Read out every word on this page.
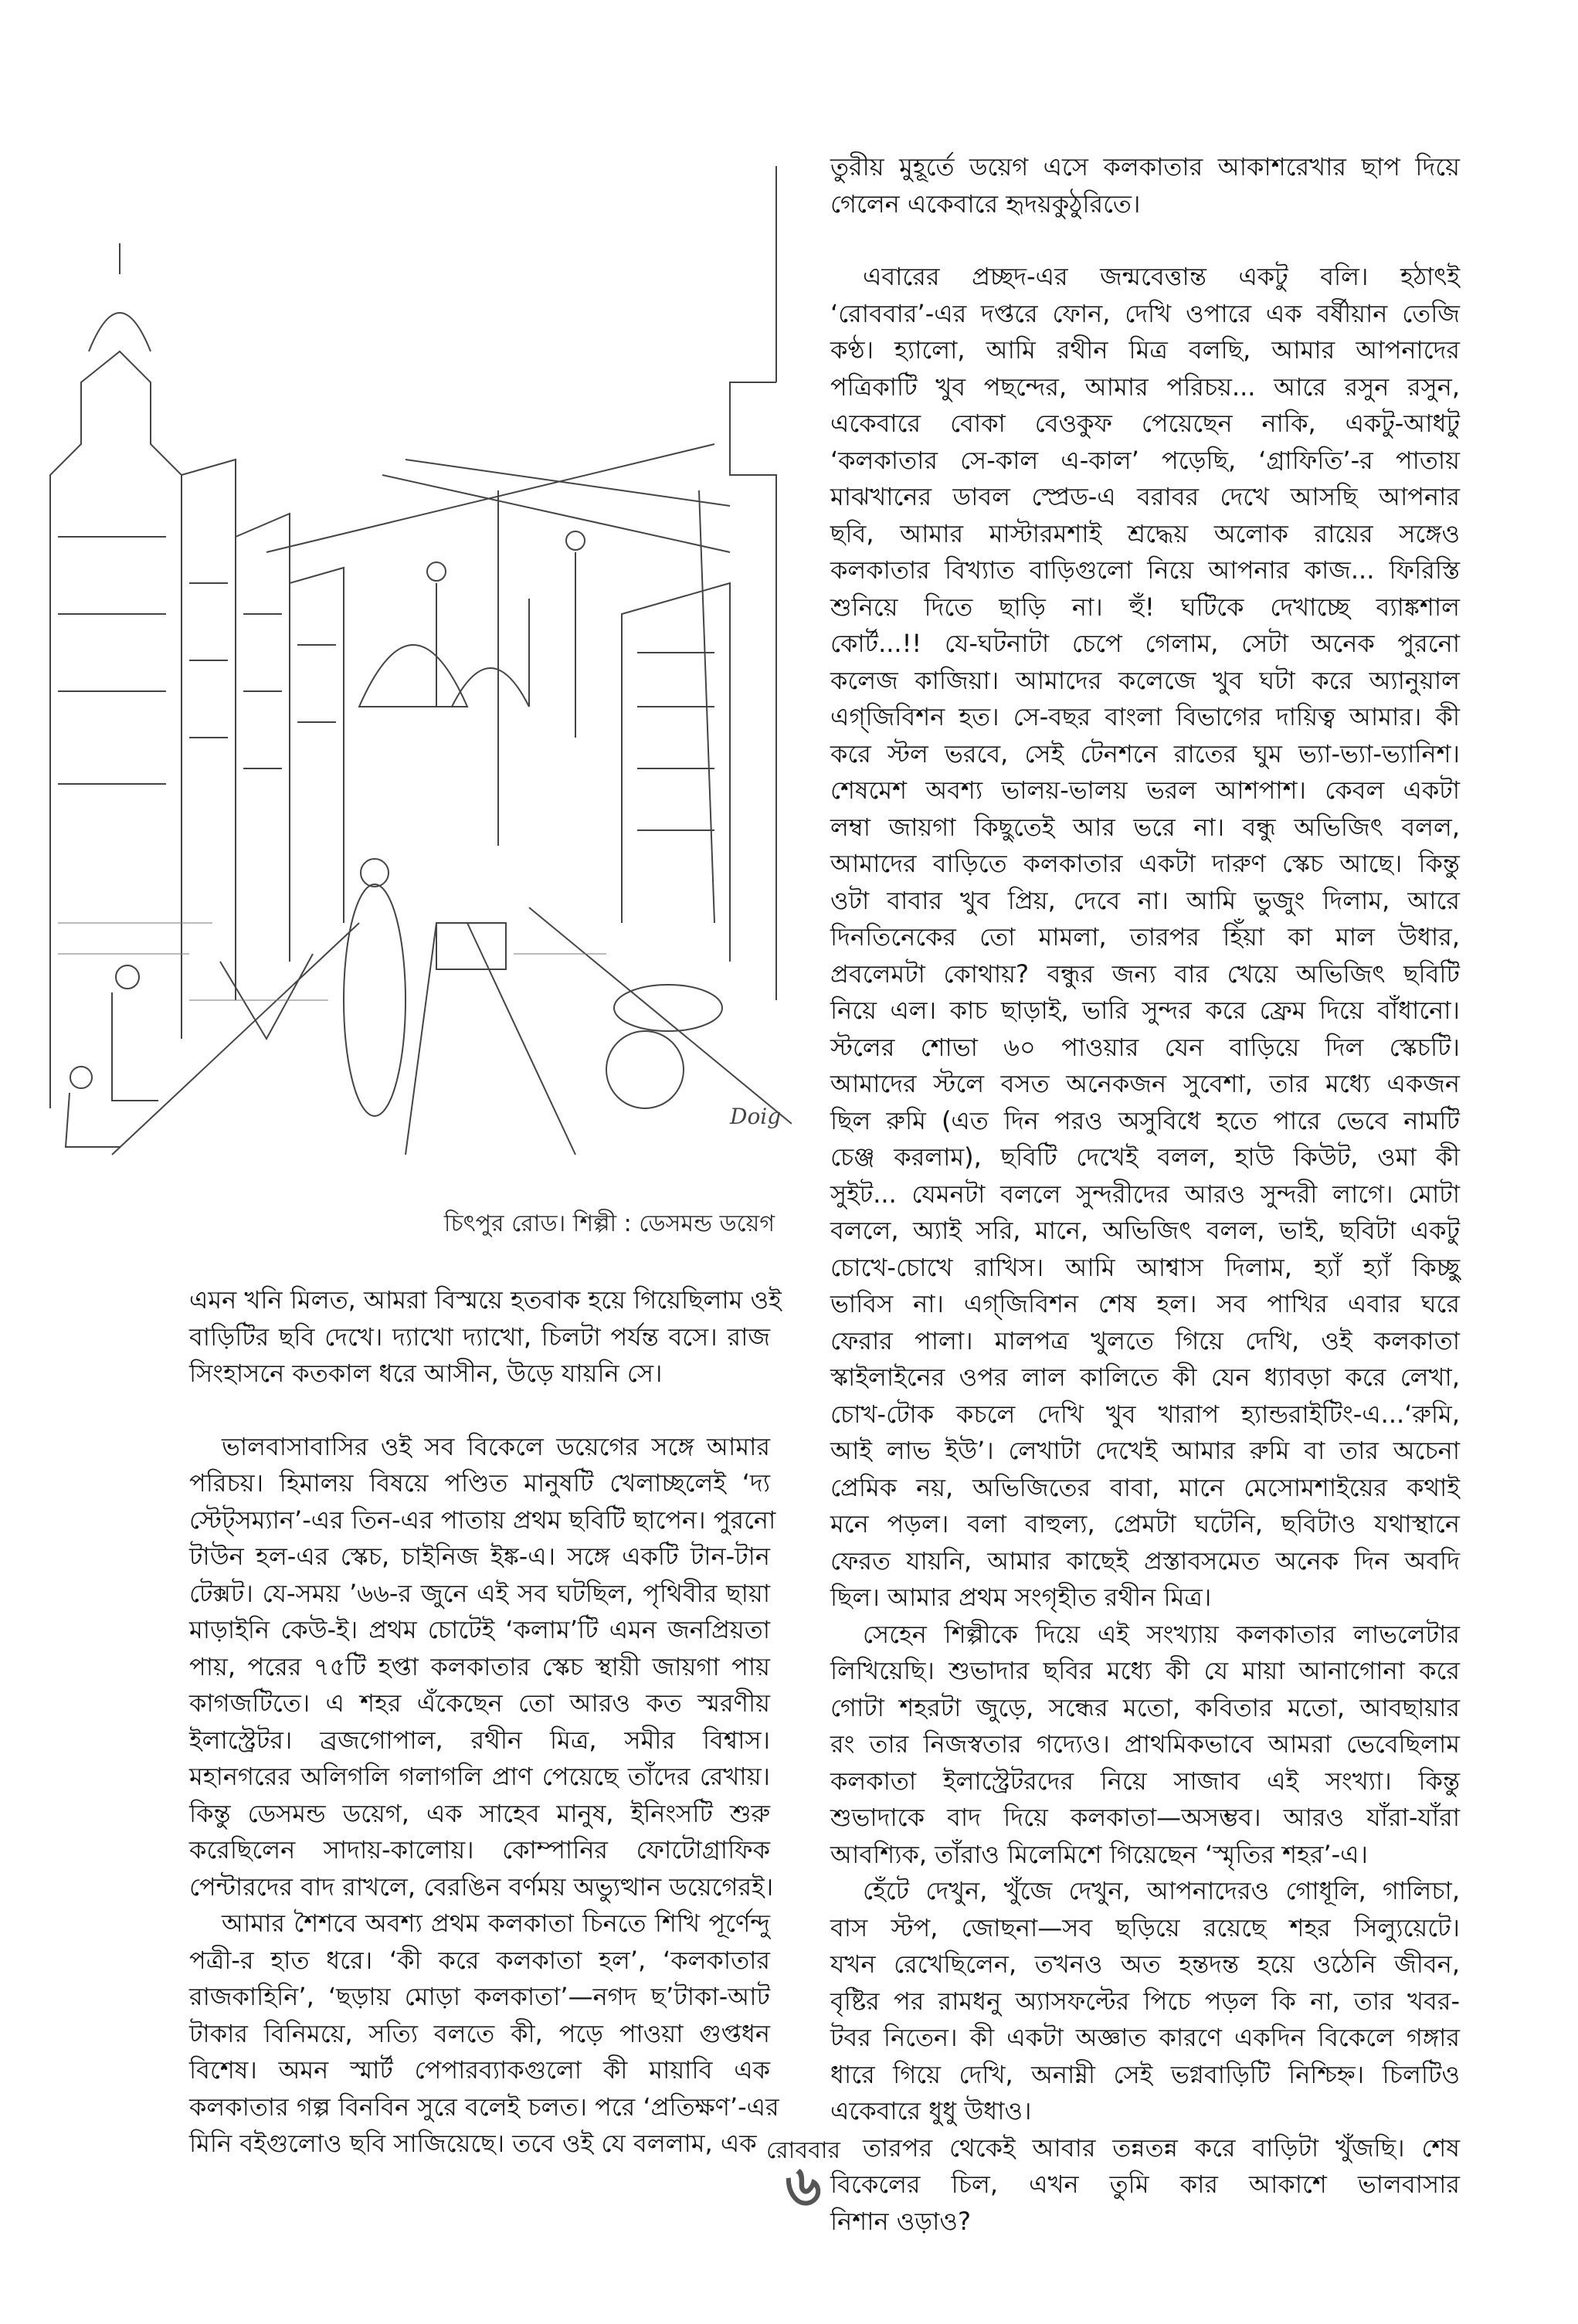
Doig
চিৎপুর রোড। শিল্পী : ডেসমন্ড ডয়েগ
এমন খনি মিলত, আমরা বিস্ময়ে হতবাক হয়ে গিয়েছিলাম ওই
বাড়িটির ছবি দেখে। দ্যাখো দ্যাখো, চিলটা পর্যন্ত বসে। রাজ
সিংহাসনে কতকাল ধরে আসীন, উড়ে যায়নি সে।
ভালবাসাবাসির ওই সব বিকেলে ডয়েগের সঙ্গে আমার
পরিচয়। হিমালয় বিষয়ে পণ্ডিত মানুষটি খেলাচ্ছলেই ‘দ্য
স্টেট্সম্যান’-এর তিন-এর পাতায় প্রথম ছবিটি ছাপেন। পুরনো
টাউন হল-এর স্কেচ, চাইনিজ ইঙ্ক-এ। সঙ্গে একটি টান-টান
টেক্সট। যে-সময় ’৬৬-র জুনে এই সব ঘটছিল, পৃথিবীর ছায়া
মাড়াইনি কেউ-ই। প্রথম চোটেই ‘কলাম’টি এমন জনপ্রিয়তা
পায়, পরের ৭৫টি হপ্তা কলকাতার স্কেচ স্থায়ী জায়গা পায়
কাগজটিতে। এ শহর এঁকেছেন তো আরও কত স্মরণীয়
ইলাস্ট্রেটর। ব্রজগোপাল, রথীন মিত্র, সমীর বিশ্বাস।
মহানগরের অলিগলি গলাগলি প্রাণ পেয়েছে তাঁদের রেখায়।
কিন্তু ডেসমন্ড ডয়েগ, এক সাহেব মানুষ, ইনিংসটি শুরু
করেছিলেন সাদায়-কালোয়। কোম্পানির ফোটোগ্রাফিক
পেন্টারদের বাদ রাখলে, বেরঙিন বর্ণময় অভ্যুত্থান ডয়েগেরই।
আমার শৈশবে অবশ্য প্রথম কলকাতা চিনতে শিখি পূর্ণেন্দু
পত্রী-র হাত ধরে। ‘কী করে কলকাতা হল’, ‘কলকাতার
রাজকাহিনি’, ‘ছড়ায় মোড়া কলকাতা’—নগদ ছ’টাকা-আট
টাকার বিনিময়ে, সত্যি বলতে কী, পড়ে পাওয়া গুপ্তধন
বিশেষ। অমন স্মার্ট পেপারব্যাকগুলো কী মায়াবি এক
কলকাতার গল্প বিনবিন সুরে বলেই চলত। পরে ‘প্রতিক্ষণ’-এর
মিনি বইগুলোও ছবি সাজিয়েছে। তবে ওই যে বললাম, এক
তুরীয় মুহূর্তে ডয়েগ এসে কলকাতার আকাশরেখার ছাপ দিয়ে
গেলেন একেবারে হৃদয়কুঠুরিতে।
এবারের প্রচ্ছদ-এর জন্মবেত্তান্ত একটু বলি। হঠাৎই
‘রোববার’-এর দপ্তরে ফোন, দেখি ওপারে এক বর্ষীয়ান তেজি
কণ্ঠ। হ্যালো, আমি রথীন মিত্র বলছি, আমার আপনাদের
পত্রিকাটি খুব পছন্দের, আমার পরিচয়... আরে রসুন রসুন,
একেবারে বোকা বেওকুফ পেয়েছেন নাকি, একটু-আধটু
‘কলকাতার সে-কাল এ-কাল’ পড়েছি, ‘গ্রাফিতি’-র পাতায়
মাঝখানের ডাবল স্প্রেড-এ বরাবর দেখে আসছি আপনার
ছবি, আমার মাস্টারমশাই শ্রদ্ধেয় অলোক রায়ের সঙ্গেও
কলকাতার বিখ্যাত বাড়িগুলো নিয়ে আপনার কাজ... ফিরিস্তি
শুনিয়ে দিতে ছাড়ি না। হুঁ! ঘটিকে দেখাচ্ছে ব্যাঙ্কশাল
কোর্ট...!! যে-ঘটনাটা চেপে গেলাম, সেটা অনেক পুরনো
কলেজ কাজিয়া। আমাদের কলেজে খুব ঘটা করে অ্যানুয়াল
এগ্‌জিবিশন হত। সে-বছর বাংলা বিভাগের দায়িত্ব আমার। কী
করে স্টল ভরবে, সেই টেনশনে রাতের ঘুম ভ্যা-ভ্যা-ভ্যানিশ।
শেষমেশ অবশ্য ভালয়-ভালয় ভরল আশপাশ। কেবল একটা
লম্বা জায়গা কিছুতেই আর ভরে না। বন্ধু অভিজিৎ বলল,
আমাদের বাড়িতে কলকাতার একটা দারুণ স্কেচ আছে। কিন্তু
ওটা বাবার খুব প্রিয়, দেবে না। আমি ভুজুং দিলাম, আরে
দিনতিনেকের তো মামলা, তারপর হিঁয়া কা মাল উধার,
প্রবলেমটা কোথায়? বন্ধুর জন্য বার খেয়ে অভিজিৎ ছবিটি
নিয়ে এল। কাচ ছাড়াই, ভারি সুন্দর করে ফ্রেম দিয়ে বাঁধানো।
স্টলের শোভা ৬০ পাওয়ার যেন বাড়িয়ে দিল স্কেচটি।
আমাদের স্টলে বসত অনেকজন সুবেশা, তার মধ্যে একজন
ছিল রুমি (এত দিন পরও অসুবিধে হতে পারে ভেবে নামটি
চেঞ্জ করলাম), ছবিটি দেখেই বলল, হাউ কিউট, ওমা কী
সুইট... যেমনটা বললে সুন্দরীদের আরও সুন্দরী লাগে। মোটা
বললে, অ্যাই সরি, মানে, অভিজিৎ বলল, ভাই, ছবিটা একটু
চোখে-চোখে রাখিস। আমি আশ্বাস দিলাম, হ্যাঁ হ্যাঁ কিচ্ছু
ভাবিস না। এগ্‌জিবিশন শেষ হল। সব পাখির এবার ঘরে
ফেরার পালা। মালপত্র খুলতে গিয়ে দেখি, ওই কলকাতা
স্কাইলাইনের ওপর লাল কালিতে কী যেন ধ্যাবড়া করে লেখা,
চোখ-টোক কচলে দেখি খুব খারাপ হ্যান্ডরাইটিং-এ...‘রুমি,
আই লাভ ইউ’। লেখাটা দেখেই আমার রুমি বা তার অচেনা
প্রেমিক নয়, অভিজিতের বাবা, মানে মেসোমশাইয়ের কথাই
মনে পড়ল। বলা বাহুল্য, প্রেমটা ঘটেনি, ছবিটাও যথাস্থানে
ফেরত যায়নি, আমার কাছেই প্রস্তাবসমেত অনেক দিন অবদি
ছিল। আমার প্রথম সংগৃহীত রথীন মিত্র।
সেহেন শিল্পীকে দিয়ে এই সংখ্যায় কলকাতার লাভলেটার
লিখিয়েছি। শুভাদার ছবির মধ্যে কী যে মায়া আনাগোনা করে
গোটা শহরটা জুড়ে, সন্ধের মতো, কবিতার মতো, আবছায়ার
রং তার নিজস্বতার গদ্যেও। প্রাথমিকভাবে আমরা ভেবেছিলাম
কলকাতা ইলাস্ট্রেটরদের নিয়ে সাজাব এই সংখ্যা। কিন্তু
শুভাদাকে বাদ দিয়ে কলকাতা—অসম্ভব। আরও যাঁরা-যাঁরা
আবশ্যিক, তাঁরাও মিলেমিশে গিয়েছেন ‘স্মৃতির শহর’-এ।
হেঁটে দেখুন, খুঁজে দেখুন, আপনাদেরও গোধূলি, গালিচা,
বাস স্টপ, জোছনা—সব ছড়িয়ে রয়েছে শহর সিল্যুয়েটে।
যখন রেখেছিলেন, তখনও অত হন্তদন্ত হয়ে ওঠেনি জীবন,
বৃষ্টির পর রামধনু অ্যাসফল্টের পিচে পড়ল কি না, তার খবর-
টবর নিতেন। কী একটা অজ্ঞাত কারণে একদিন বিকেলে গঙ্গার
ধারে গিয়ে দেখি, অনাম্নী সেই ভগ্নবাড়িটি নিশ্চিহ্ন। চিলটিও
একেবারে ধুধু উধাও।
তারপর থেকেই আবার তন্নতন্ন করে বাড়িটা খুঁজছি। শেষ
বিকেলের চিল, এখন তুমি কার আকাশে ভালবাসার
নিশান ওড়াও?
রোববার
৬
